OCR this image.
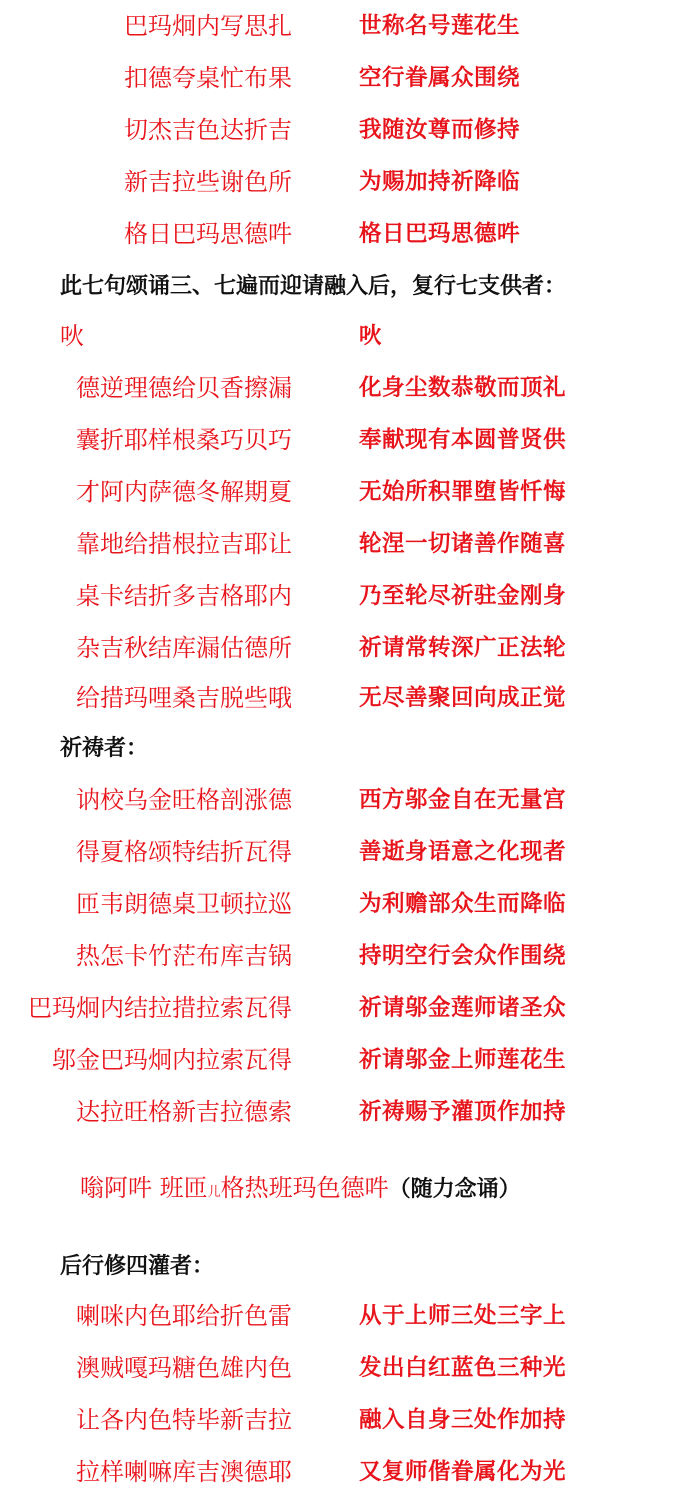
巴玛炯内写思扎	世称名号莲花生
扣德夸桌忙布果	空行眷属众围绕
切杰吉色达折吉	我随汝尊而修持
新吉拉些谢色所	为赐加持祈降临
格日巴玛思德吽	格日巴玛思德吽
此七句颂诵三、七遍而迎请融入后，复行七支供者：
吙	吙
德逆理德给贝香擦漏	化身尘数恭敬而顶礼
囊折耶样根桑巧贝巧	奉献现有本圆普贤供
才阿内萨德冬解期夏	无始所积罪堕皆忏悔
靠地给措根拉吉耶让	轮涅一切诸善作随喜
桌卡结折多吉格耶内	乃至轮尽祈驻金刚身
杂吉秋结库漏估德所	祈请常转深广正法轮
给措玛哩桑吉脱些哦	无尽善聚回向成正觉
祈祷者：
讷校乌金旺格剖涨德	西方邬金自在无量宫
得夏格颂特结折瓦得	善逝身语意之化现者
匝韦朗德桌卫顿拉巡	为利赡部众生而降临
热怎卡竹茫布库吉锅	持明空行会众作围绕
巴玛炯内结拉措拉索瓦得	祈请邬金莲师诸圣众
邬金巴玛炯内拉索瓦得	祈请邬金上师莲花生
达拉旺格新吉拉德索	祈祷赐予灌顶作加持
嗡阿吽 班匝儿格热班玛色德吽（随力念诵）
后行修四灌者：
喇咪内色耶给折色雷	从于上师三处三字上
澳贼嘎玛糖色雄内色	发出白红蓝色三种光
让各内色特毕新吉拉	融入自身三处作加持
拉样喇嘛库吉澳德耶	又复师偕眷属化为光
